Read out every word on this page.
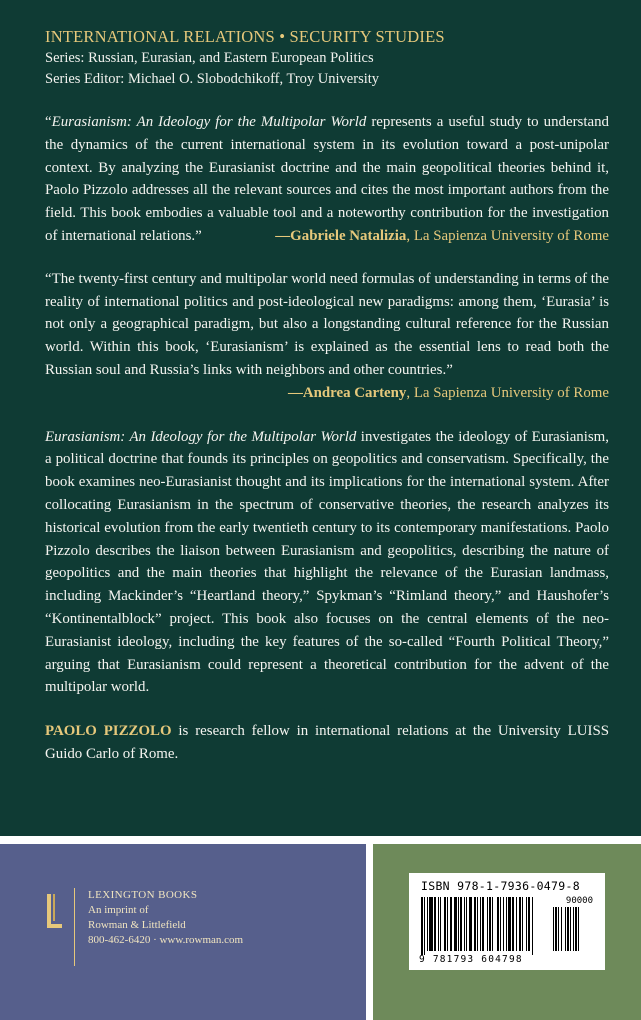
INTERNATIONAL RELATIONS • SECURITY STUDIES
Series: Russian, Eurasian, and Eastern European Politics
Series Editor: Michael O. Slobodchikoff, Troy University

“Eurasianism: An Ideology for the Multipolar World represents a useful study to understand the dynamics of the current international system in its evolution toward a post-unipolar context. By analyzing the Eurasianist doctrine and the main geopolitical theories behind it, Paolo Pizzolo addresses all the relevant sources and cites the most important authors from the field. This book embodies a valuable tool and a noteworthy contribution for the investigation of international relations.”	—Gabriele Natalizia, La Sapienza University of Rome

“The twenty-first century and multipolar world need formulas of understanding in terms of the reality of international politics and post-ideological new paradigms: among them, ‘Eurasia’ is not only a geographical paradigm, but also a longstanding cultural reference for the Russian world. Within this book, ‘Eurasianism’ is explained as the essential lens to read both the Russian soul and Russia’s links with neighbors and other countries.”

—Andrea Carteny, La Sapienza University of Rome

Eurasianism: An Ideology for the Multipolar World investigates the ideology of Eurasianism, a political doctrine that founds its principles on geopolitics and conservatism. Specifically, the book examines neo-Eurasianist thought and its implications for the international system. After collocating Eurasianism in the spectrum of conservative theories, the research analyzes its historical evolution from the early twentieth century to its contemporary manifestations. Paolo Pizzolo describes the liaison between Eurasianism and geopolitics, describing the nature of geopolitics and the main theories that highlight the relevance of the Eurasian landmass, including Mackinder’s “Heartland theory,” Spykman’s “Rimland theory,” and Haushofer’s “Kontinentalblock” project. This book also focuses on the central elements of the neo-Eurasianist ideology, including the key features of the so-called “Fourth Political Theory,” arguing that Eurasianism could represent a theoretical contribution for the advent of the multipolar world.

PAOLO PIZZOLO is research fellow in international relations at the University LUISS Guido Carlo of Rome.

LEXINGTON BOOKS
An imprint of
Rowman & Littlefield
800-462-6420 · www.rowman.com
ISBN 978-1-7936-0479-8
90000
9 781793 604798
